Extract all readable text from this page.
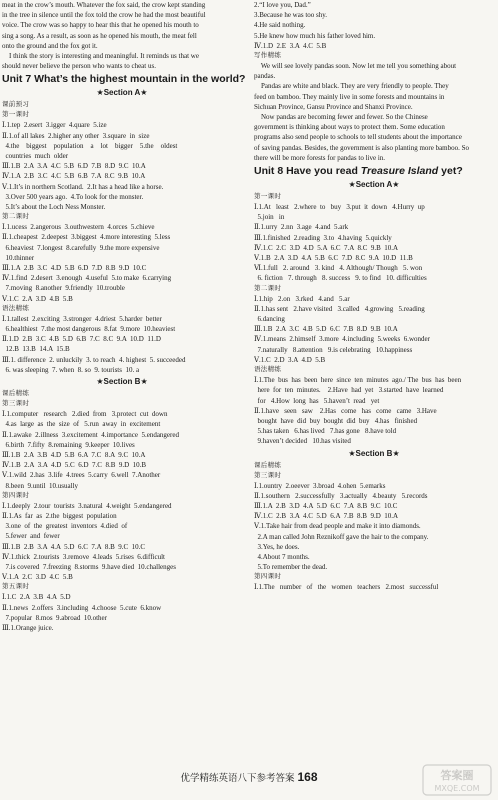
meat in the crow’s mouth. Whatever the fox said, the crow kept standing
in the tree in silence until the fox told the crow he had the most beautiful
voice. The crow was so happy to hear this that he opened his mouth to
sing a song. As a result, as soon as he opened his mouth, the meat fell
onto the ground and the fox got it.
I think the story is interesting and meaningful. It reminds us that we
should never believe the person who wants to cheat us.
Unit 7 What’s the highest mountain in the world?
★Section A★
课前预习
第一课时
Ⅰ.1.tep  2.esert  3.igger  4.quare  5.ize
Ⅱ.1.of all lakes  2.higher any other  3.square  in  size
4.the    biggest    population    a    lot    bigger    5.the    oldest
countries  much  older
Ⅲ.1.B  2.A  3.A  4.C  5.B  6.D  7.B  8.D  9.C  10.A
Ⅳ.1.A  2.B  3.C  4.C  5.B  6.B  7.A  8.C  9.B  10.A
Ⅴ.1.It’s in northern Scotland.  2.It has a head like a horse.
3.Over 500 years ago.  4.To look for the monster.
5.It’s about the Loch Ness Monster.
第二课时
Ⅰ.1.ucess  2.angerous  3.outhwestern  4.orces  5.chieve
Ⅱ.1.cheapest  2.deepest  3.biggest  4.more interesting  5.less
6.heaviest  7.longest  8.carefully  9.the more expensive
10.thinner
Ⅲ.1.A  2.B  3.C  4.D  5.B  6.D  7.D  8.B  9.D  10.C
Ⅳ.1.find  2.desert  3.enough  4.useful  5.to make  6.carrying
7.moving  8.another  9.friendly  10.trouble
Ⅴ.1.C  2.A  3.D  4.B  5.B
语法精练
Ⅰ.1.tallest  2.exciting  3.stronger  4.driest  5.harder  better
6.healthiest  7.the most dangerous  8.fat  9.more  10.heaviest
Ⅱ.1.D  2.B  3.C  4.B  5.D  6.B  7.C  8.C  9.A  10.D  11.D
12.B  13.B  14.A  15.B
Ⅲ.1. difference  2. unluckily  3. to reach  4. highest  5. succeeded
6. was sleeping  7. when  8. so  9. tourists  10. a
★Section B★
课后精练
第三课时
Ⅰ.1.computer   research   2.died  from   3.protect  cut  down
4.as  large  as  the  size  of   5.run  away  in  excitement
Ⅱ.1.awake  2.illness  3.excitement  4.importance  5.endangered
6.birth  7.fifty  8.remaining  9.keeper  10.lives
Ⅲ.1.B  2.A  3.B  4.D  5.B  6.A  7.C  8.A  9.C  10.A
Ⅳ.1.B  2.A  3.A  4.D  5.C  6.D  7.C  8.B  9.D  10.B
Ⅴ.1.wild  2.has  3.life  4.trees  5.carry  6.well  7.Another
8.been  9.until  10.usually
第四课时
Ⅰ.1.deeply  2.tour  tourists  3.natural  4.weight  5.endangered
Ⅱ.1.As  far  as  2.the  biggest  population
3.one  of  the  greatest  inventors  4.died  of
5.fewer  and  fewer
Ⅲ.1.B  2.B  3.A  4.A  5.D  6.C  7.A  8.B  9.C  10.C
Ⅳ.1.thick  2.tourists  3.remove  4.leads  5.rises  6.difficult
7.is covered  7.freezing  8.storms  9.have died  10.challenges
Ⅴ.1.A  2.C  3.D  4.C  5.B
第五课时
Ⅰ.1.C  2.A  3.B  4.A  5.D
Ⅱ.1.news  2.offers  3.including  4.choose  5.cute  6.know
7.popular  8.mos  9.abroad  10.other
Ⅲ.1.Orange juice.
2.“I love you, Dad.”
3.Because he was too shy.
4.He said nothing.
5.He knew how much his father loved him.
Ⅳ.1.D  2.E  3.A  4.C  5.B
写作精练
We will see lovely pandas soon. Now let me tell you something about
pandas.
Pandas are white and black. They are very friendly to people. They
feed on bamboo. They mainly live in some forests and mountains in
Sichuan Province, Gansu Province and Shanxi Province.
Now pandas are becoming fewer and fewer. So the Chinese
government is thinking about ways to protect them. Some education
programs also send people to schools to tell students about the importance
of saving pandas. Besides, the government is also planting more bamboo. So
there will be more forests for pandas to live in.
Unit 8 Have you read Treasure Island yet?
★Section A★
第一课时
Ⅰ.1.At   least   2.where  to   buy   3.put  it  down   4.Hurry  up
5.join   in
Ⅱ.1.urry  2.nn  3.age  4.and  5.ark
Ⅲ.1.finished  2.reading  3.to  4.having  5.quickly
Ⅳ.1.C  2.C  3.D  4.D  5.A  6.C  7.A  8.C  9.B  10.A
Ⅴ.1.B  2.A  3.D  4.A  5.B  6.C  7.D  8.C  9.A  10.D  11.B
Ⅵ.1.full   2. around   3. kind   4. Although/ Though   5. won
6. fiction   7. through   8. success   9. to find   10. difficulties
第二课时
Ⅰ.1.hip   2.on   3.rked   4.and   5.ar
Ⅱ.1.has sent   2.have visited   3.called   4.growing   5.reading
6.dancing
Ⅲ.1.B  2.A  3.C  4.B  5.D  6.C  7.B  8.D  9.B  10.A
Ⅳ.1.means  2.himself  3.more  4.including  5.weeks  6.wonder
7.naturally   8.attention   9.is celebrating   10.happiness
Ⅴ.1.C  2.D  3.A  4.D  5.B
语法精练
Ⅰ.1.The  bus  has  been  here  since  ten  minutes  ago./ The  bus  has  been
here  for  ten  minutes.    2.Have  had  yet   3.started  have  learned
for   4.How  long  has   5.haven’t  read   yet
Ⅱ.1.have   seen   saw    2.Has   come   has   come   came   3.Have
bought  have  did  buy  bought  did  buy   4.has   finished
5.has taken   6.has lived   7.has gone   8.have told
9.haven’t decided   10.has visited
★Section B★
课后精练
第三课时
Ⅰ.1.ountry  2.oeever  3.broad  4.ohen  5.emarks
Ⅱ.1.southern   2.successfully   3.actually   4.beauty   5.records
Ⅲ.1.A  2.B  3.D  4.A  5.D  6.C  7.A  8.B  9.C  10.C
Ⅳ.1.C  2.B  3.A  4.C  5.D  6.A  7.B  8.B  9.D  10.A
Ⅴ.1.Take hair from dead people and make it into diamonds.
2.A man called John Reznikoff gave the hair to the company.
3.Yes, he does.
4.About 7 months.
5.To remember the dead.
第四课时
Ⅰ.1.The   number   of   the   women   teachers   2.most   successful
优学精练英语八下参考答案 168	答案圈
MXQE.COM
